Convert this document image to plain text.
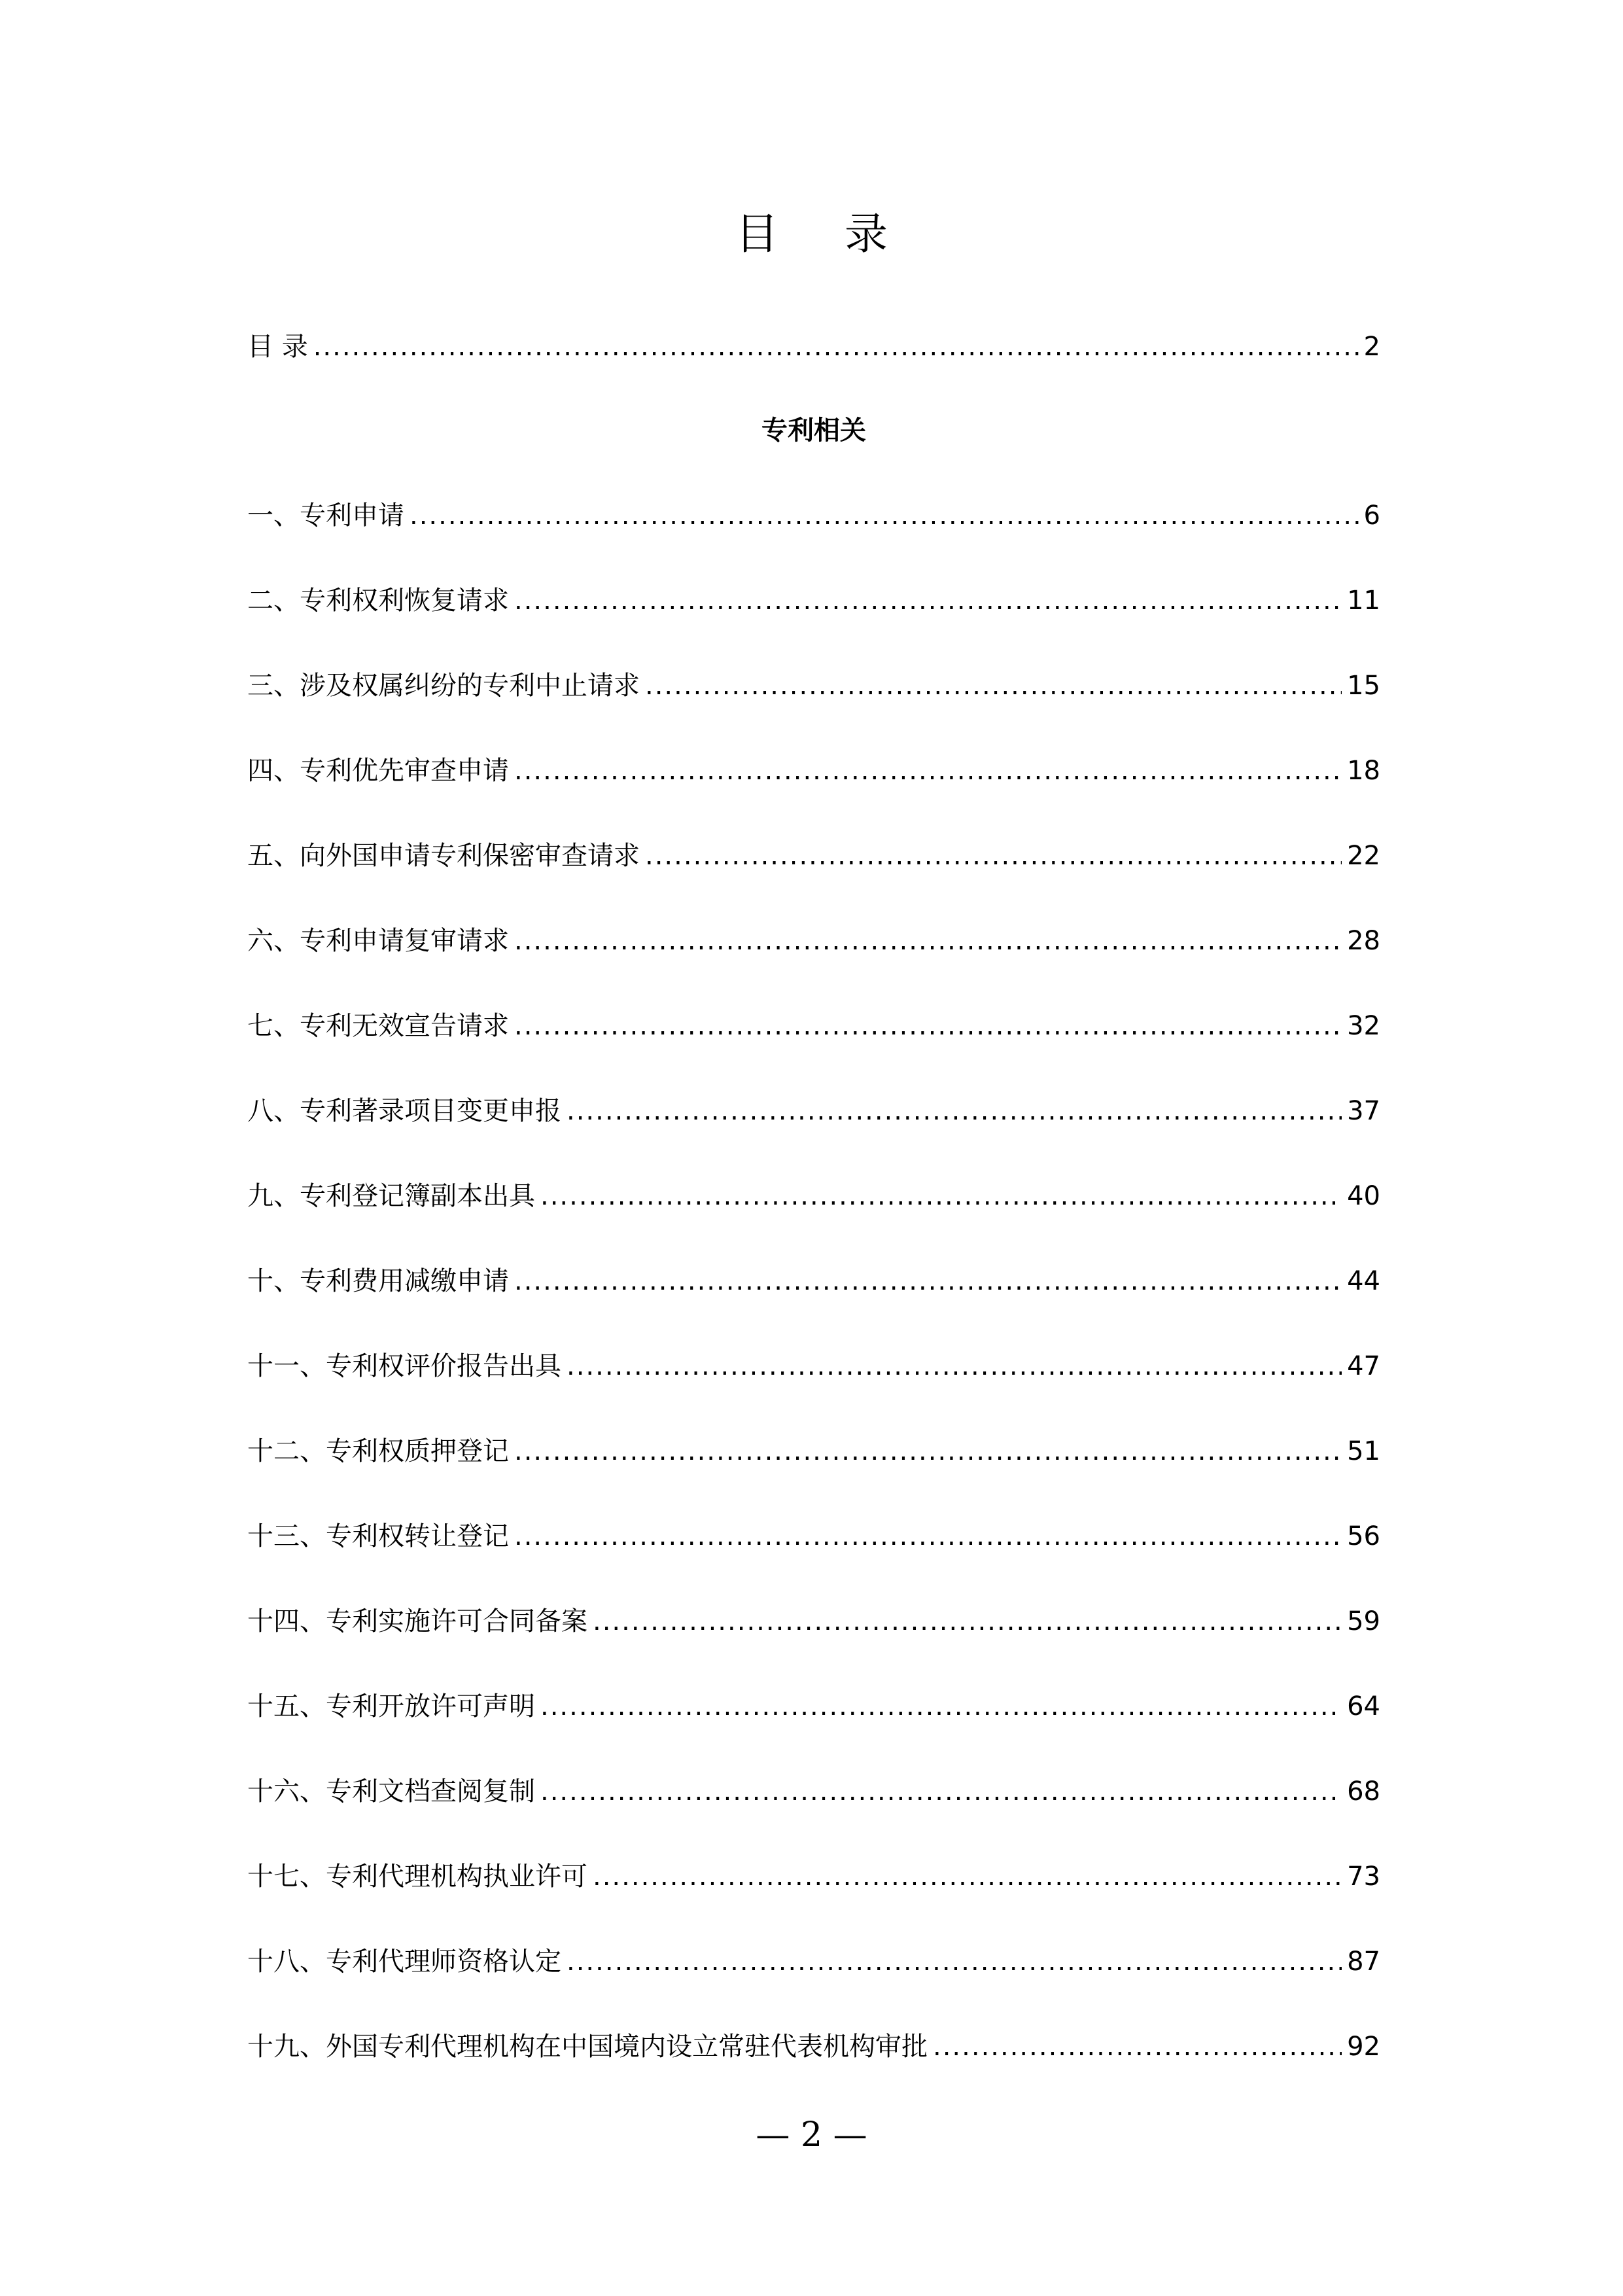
目 录
目 录 .....	2
专利相关
一、专利申请 .....	6
二、专利权利恢复请求 .....	11
三、涉及权属纠纷的专利中止请求 .....	15
四、专利优先审查申请 .....	18
五、向外国申请专利保密审查请求 .....	22
六、专利申请复审请求 .....	28
七、专利无效宣告请求 .....	32
八、专利著录项目变更申报 .....	37
九、专利登记簿副本出具 .....	40
十、专利费用减缴申请 .....	44
十一、专利权评价报告出具 .....	47
十二、专利权质押登记 .....	51
十三、专利权转让登记 .....	56
十四、专利实施许可合同备案 .....	59
十五、专利开放许可声明 .....	64
十六、专利文档查阅复制 .....	68
十七、专利代理机构执业许可 .....	73
十八、专利代理师资格认定 .....	87
十九、外国专利代理机构在中国境内设立常驻代表机构审批 .....	92
— 2 —
